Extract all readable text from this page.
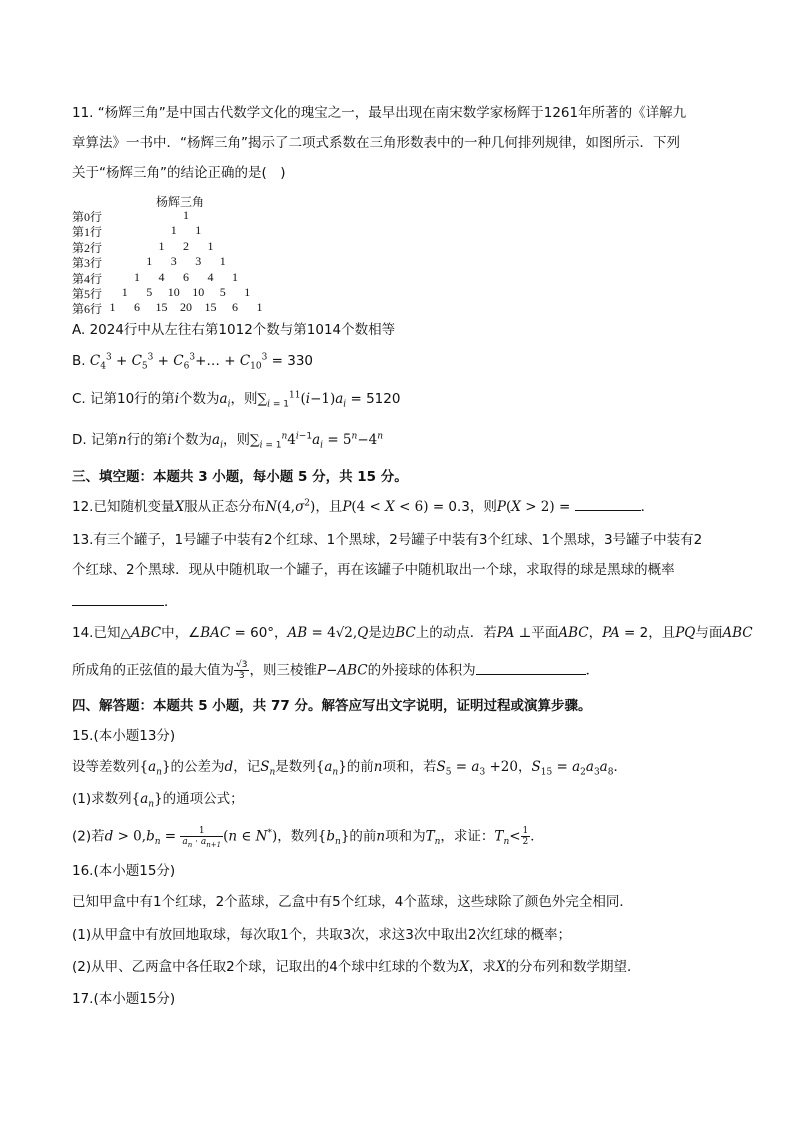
11. “杨辉三角”是中国古代数学文化的瑰宝之一，最早出现在南宋数学家杨辉于1261年所著的《详解九
章算法》一书中．“杨辉三角”揭示了二项式系数在三角形数表中的一种几何排列规律，如图所示．下列
关于“杨辉三角”的结论正确的是(　)
杨辉三角
第0行	1
第1行	1 1
第2行	1 2 1
第3行	1 3 3 1
第4行	1 4 6 4 1
第5行 1 5 10 10 5 1
第6行 1 6 15 20 15 6 1
A. 2024行中从左往右第1012个数与第1014个数相等
B. $C_4^3 + C_5^3$ + $C_6^3+\dots + C_{10}^3 = 330$
C. 记第10行的第i个数为$a_i$，则$\sum_{i = 1}^{11}(i-1)a_i = 5120$
D. 记第n行的第i个数为$a_i$，则$\sum_{i = 1}^n4^{i-1}a_i = 5^n-4^n$
三、填空题：本题共 3 小题，每小题 5 分，共 15 分。
12.已知随机变量X服从正态分布$N(4,\sigma^2)$，且P(4 < X < 6) = 0.3，则P(X > 2) =	．
13.有三个罐子，1号罐子中装有2个红球、1个黑球，2号罐子中装有3个红球、1个黑球，3号罐子中装有2
个红球、2个黑球．现从中随机取一个罐子，再在该罐子中随机取出一个球，求取得的球是黑球的概率
．
14.已知△ABC中，∠BAC = 60°，AB = 4√2,Q是边BC上的动点．若PA ⊥平面ABC，PA = 2，且PQ与面ABC
所成角的正弦值的最大值为 $\frac{√3}{3}$ ，则三棱锥P−ABC的外接球的体积为	．
四、解答题：本题共 5 小题，共 77 分。解答应写出文字说明，证明过程或演算步骤。
15.(本小题13分)
设等差数列$\{a_n\}$的公差为d，记$S_n$是数列$\{a_n\}$的前n项和，若$S_5 = a_3 +20$，$S_{15} = a_2a_3a_8$．
(1)求数列$\{a_n\}$的通项公式；
(2)若$d > 0,b_n = \frac{1}{a_n \cdot a_{n+1}} (n$ ∈ N*)，数列$\{b_n\}$的前n项和为$T_n$，求证：$T_n< \frac{1}{2}$ ．
16.(本小题15分)
已知甲盒中有1个红球，2个蓝球，乙盒中有5个红球，4个蓝球，这些球除了颜色外完全相同．
(1)从甲盒中有放回地取球，每次取1个，共取3次，求这3次中取出2次红球的概率；
(2)从甲、乙两盒中各任取2个球，记取出的4个球中红球的个数为X，求X的分布列和数学期望．
17.(本小题15分)
